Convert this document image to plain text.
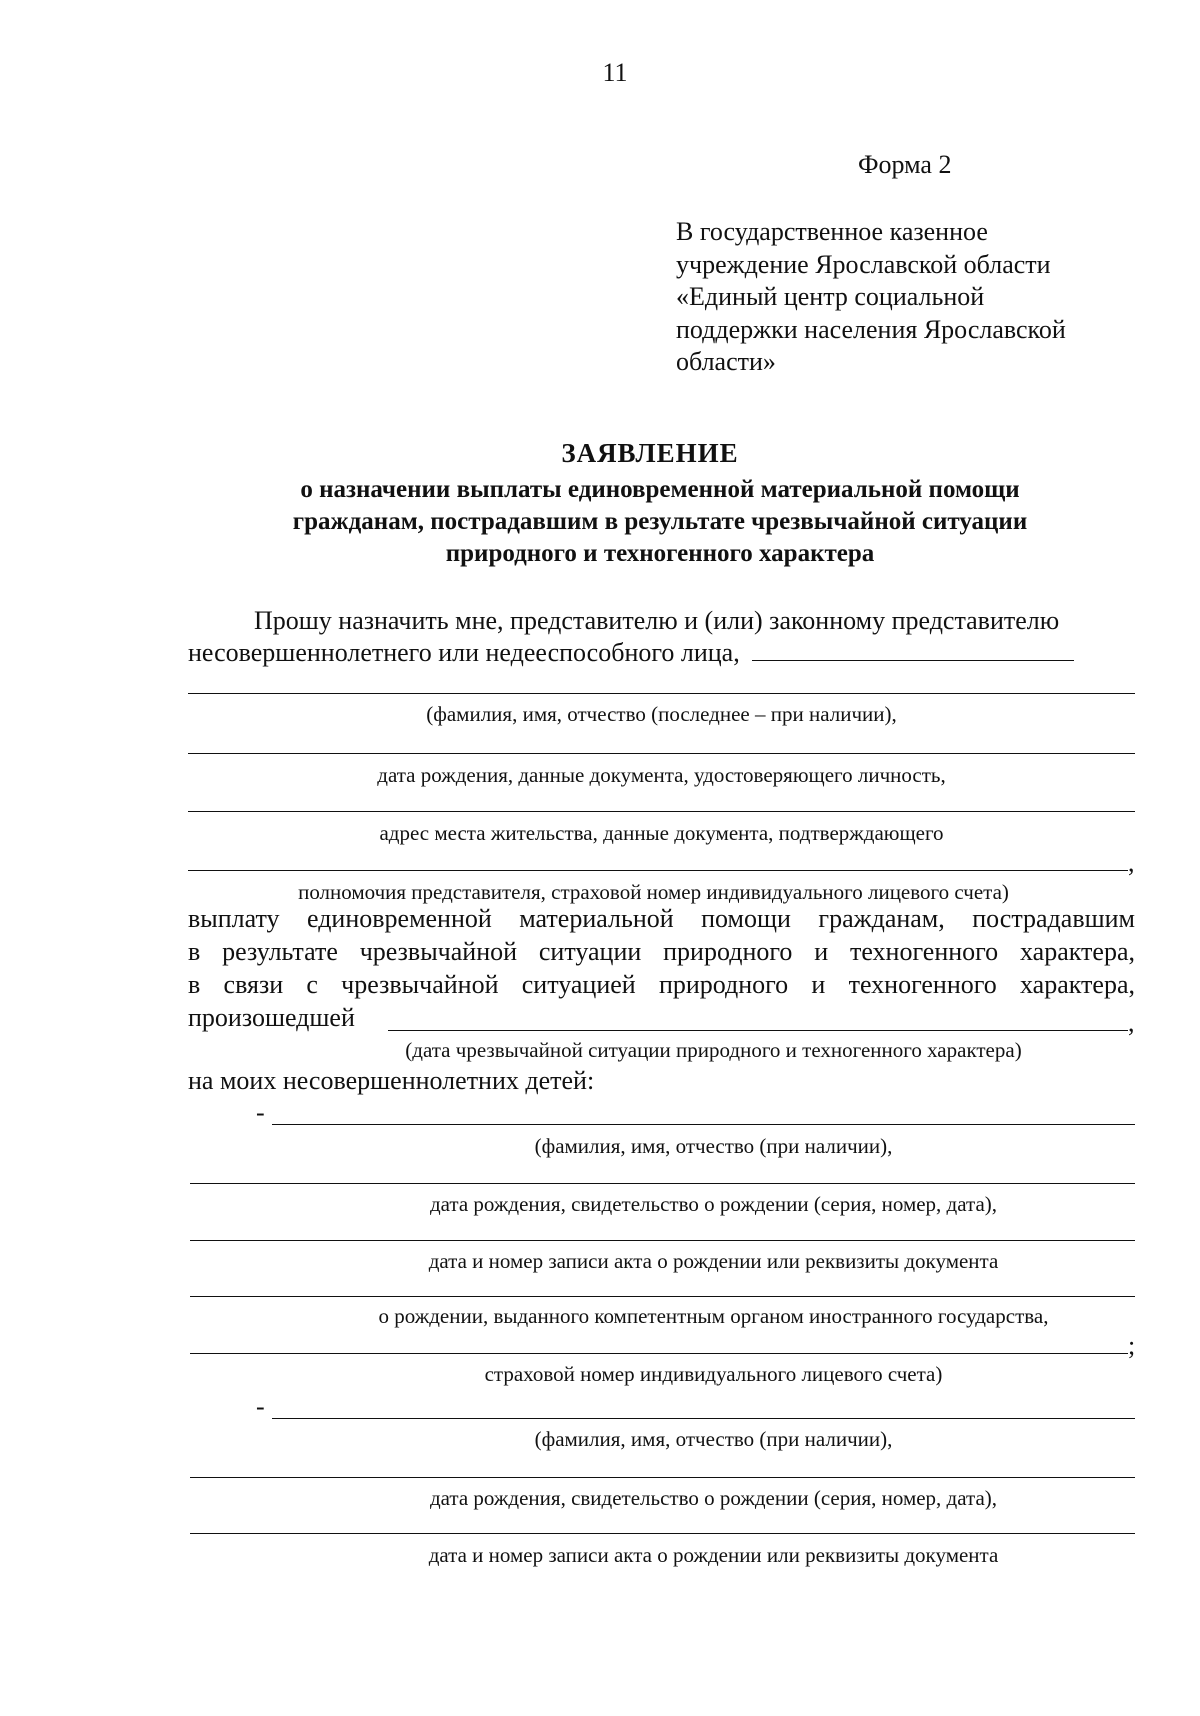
11
Форма 2
В государственное казенное
учреждение Ярославской области
«Единый центр социальной
поддержки населения Ярославской
области»
ЗАЯВЛЕНИЕ
о назначении выплаты единовременной материальной помощи
гражданам, пострадавшим в результате чрезвычайной ситуации
природного и техногенного характера
Прошу назначить мне, представителю и (или) законному представителю
несовершеннолетнего или недееспособного лица,
(фамилия, имя, отчество (последнее – при наличии),
дата рождения, данные документа, удостоверяющего личность,
адрес места жительства, данные документа, подтверждающего
,
полномочия представителя, страховой номер индивидуального лицевого счета)
выплату единовременной материальной помощи гражданам, пострадавшим
в результате чрезвычайной ситуации природного и техногенного характера,
в связи с чрезвычайной ситуацией природного и техногенного характера,
произошедшей	,
(дата чрезвычайной ситуации природного и техногенного характера)
на моих несовершеннолетних детей:
-
(фамилия, имя, отчество (при наличии),
дата рождения, свидетельство о рождении (серия, номер, дата),
дата и номер записи акта о рождении или реквизиты документа
о рождении, выданного компетентным органом иностранного государства,
;
страховой номер индивидуального лицевого счета)
-
(фамилия, имя, отчество (при наличии),
дата рождения, свидетельство о рождении (серия, номер, дата),
дата и номер записи акта о рождении или реквизиты документа
